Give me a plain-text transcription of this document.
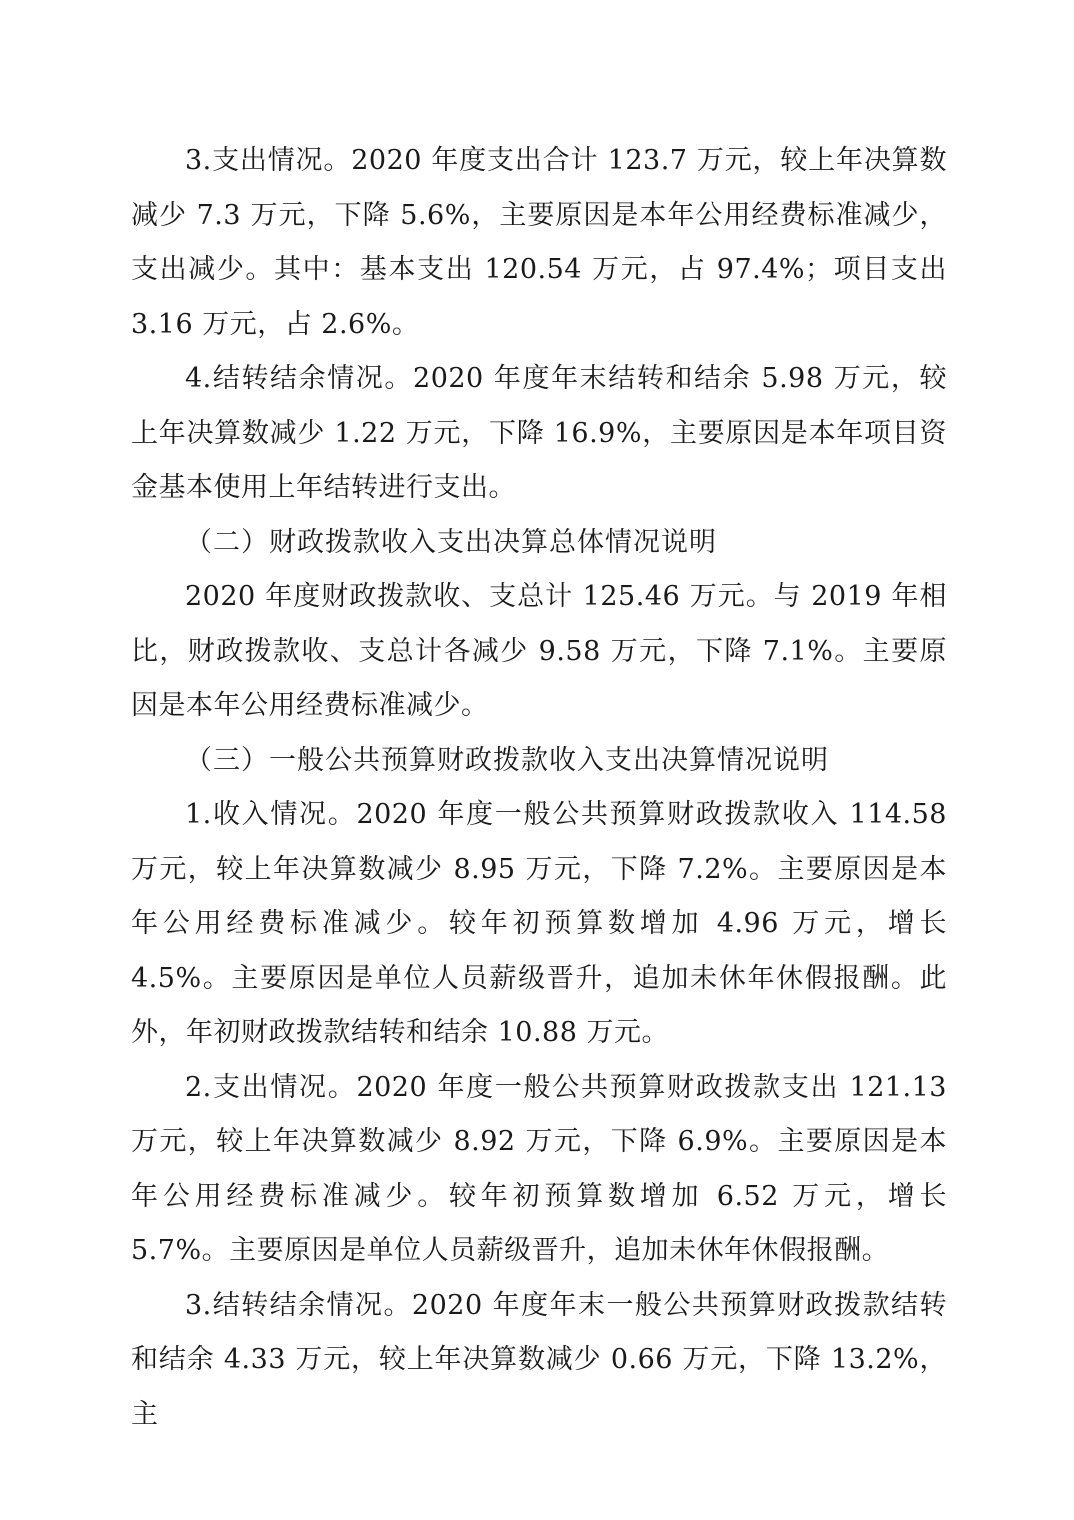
3.支出情况。2020 年度支出合计 123.7 万元，较上年决算数减少 7.3 万元，下降 5.6%，主要原因是本年公用经费标准减少，支出减少。其中：基本支出 120.54 万元，占 97.4%；项目支出 3.16 万元，占 2.6%。

4.结转结余情况。2020 年度年末结转和结余 5.98 万元，较上年决算数减少 1.22 万元，下降 16.9%，主要原因是本年项目资金基本使用上年结转进行支出。

（二）财政拨款收入支出决算总体情况说明

2020 年度财政拨款收、支总计 125.46 万元。与 2019 年相比，财政拨款收、支总计各减少 9.58 万元，下降 7.1%。主要原因是本年公用经费标准减少。

（三）一般公共预算财政拨款收入支出决算情况说明

1.收入情况。2020 年度一般公共预算财政拨款收入 114.58 万元，较上年决算数减少 8.95 万元，下降 7.2%。主要原因是本年公用经费标准减少。较年初预算数增加 4.96 万元，增长 4.5%。主要原因是单位人员薪级晋升，追加未休年休假报酬。此外，年初财政拨款结转和结余 10.88 万元。

2.支出情况。2020 年度一般公共预算财政拨款支出 121.13 万元，较上年决算数减少 8.92 万元，下降 6.9%。主要原因是本年公用经费标准减少。较年初预算数增加 6.52 万元，增长 5.7%。主要原因是单位人员薪级晋升，追加未休年休假报酬。

3.结转结余情况。2020 年度年末一般公共预算财政拨款结转和结余 4.33 万元，较上年决算数减少 0.66 万元，下降 13.2%，主
